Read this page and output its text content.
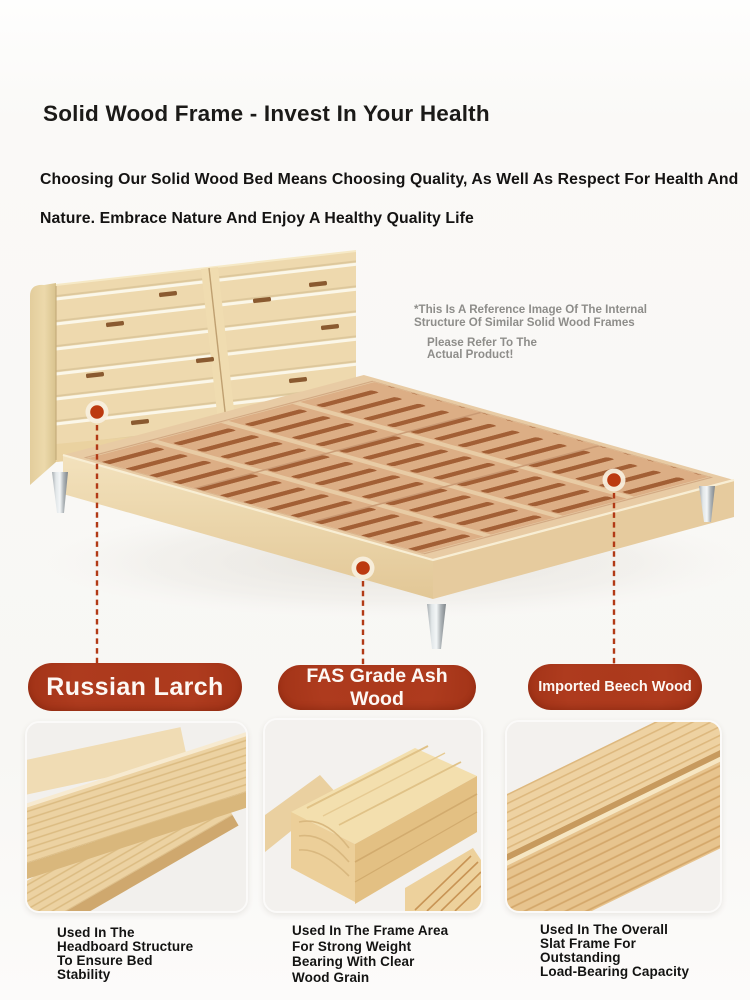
Solid Wood Frame - Invest In Your Health
Choosing Our Solid Wood Bed Means Choosing Quality, As Well As Respect For Health And
Nature. Embrace Nature And Enjoy A Healthy Quality Life
*This Is A Reference Image Of The Internal
Structure Of Similar Solid Wood Frames
Please Refer To The
Actual Product!
Russian Larch	FAS Grade Ash Wood
Imported Beech Wood
Used In The
Headboard Structure
To Ensure Bed
Stability
Used In The Frame Area
For Strong Weight
Bearing With Clear
Wood Grain
Used In The Overall
Slat Frame For
Outstanding
Load-Bearing Capacity
